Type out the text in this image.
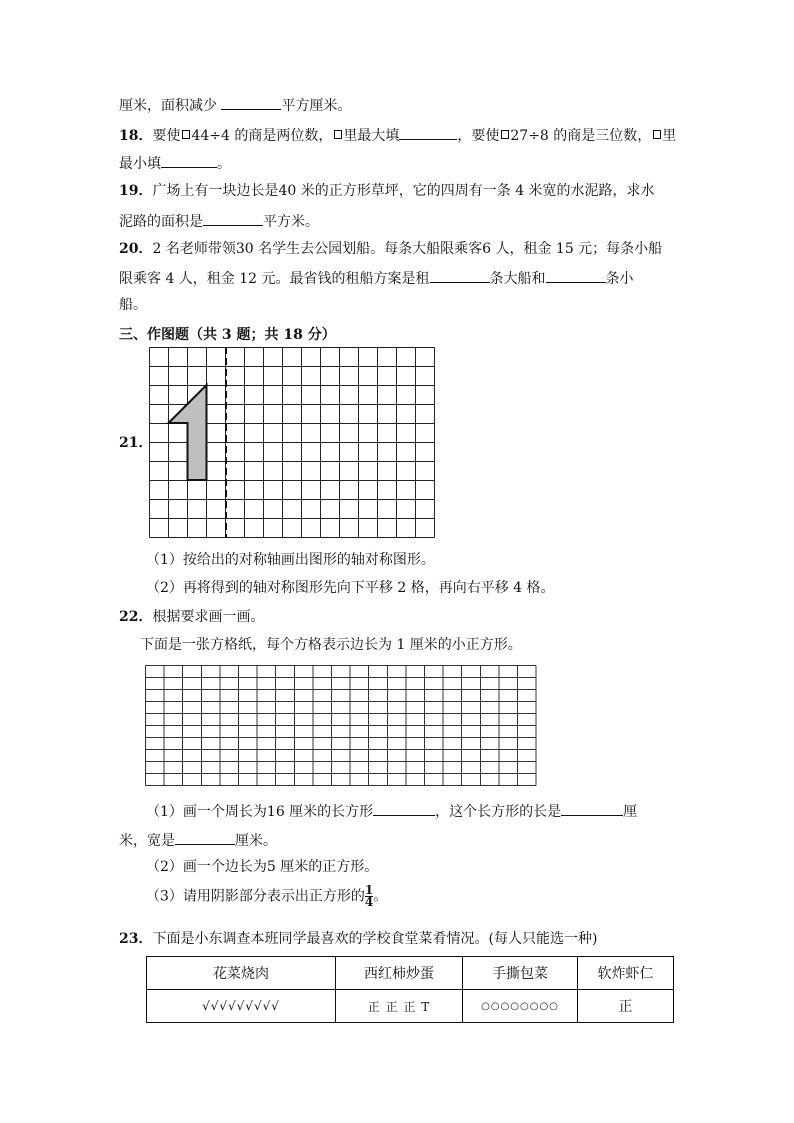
厘米，面积减少	平方厘米。
18．要使 44÷4 的商是两位数， 里最大填	，要使 27÷8 的商是三位数， 里
最小填	。
19．广场上有一块边长是40 米的正方形草坪，它的四周有一条 4 米宽的水泥路，求水
泥路的面积是	平方米。
20．2 名老师带领30 名学生去公园划船。每条大船限乘客6 人，租金 15 元；每条小船
限乘客 4 人，租金 12 元。最省钱的租船方案是租	条大船和	条小
船。
三、作图题（共 3 题；共 18 分）
21．
（1）按给出的对称轴画出图形的轴对称图形。
（2）再将得到的轴对称图形先向下平移 2 格，再向右平移 4 格。
22．根据要求画一画。
下面是一张方格纸，每个方格表示边长为 1 厘米的小正方形。
（1）画一个周长为16 厘米的长方形	，这个长方形的长是	厘
米，宽是	厘米。
（2）画一个边长为5 厘米的正方形。
（3）请用阴影部分表示出正方形的 $\frac{1}{4}$ 。
23．下面是小东调查本班同学最喜欢的学校食堂菜肴情况。(每人只能选一种)
花菜烧肉	西红柿炒蛋	手撕包菜	软炸虾仁
√√√√√√√√√	正 正 正 T	○○○○○○○○	正
